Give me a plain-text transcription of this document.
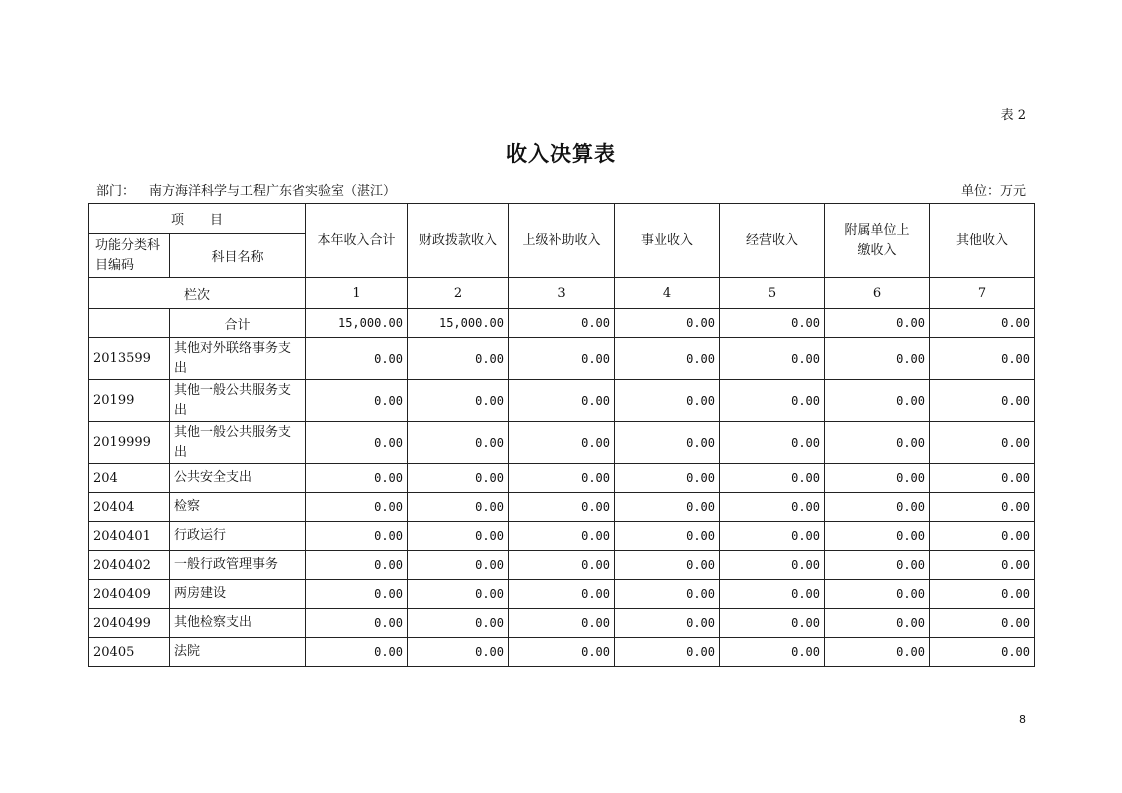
表 2
收入决算表
部门： 南方海洋科学与工程广东省实验室（湛江）	单位：万元
项　　目		本年收入合计	财政拨款收入	上级补助收入	事业收入	经营收入	附属单位上缴收入	其他收入
功能分类科目编码	科目名称							
栏次		1	2	3	4	5	6	7
	合计	15,000.00	15,000.00	0.00	0.00	0.00	0.00	0.00
2013599	其他对外联络事务支出	0.00	0.00	0.00	0.00	0.00	0.00	0.00
20199	其他一般公共服务支出	0.00	0.00	0.00	0.00	0.00	0.00	0.00
2019999	其他一般公共服务支出	0.00	0.00	0.00	0.00	0.00	0.00	0.00
204	公共安全支出	0.00	0.00	0.00	0.00	0.00	0.00	0.00
20404	检察	0.00	0.00	0.00	0.00	0.00	0.00	0.00
2040401	行政运行	0.00	0.00	0.00	0.00	0.00	0.00	0.00
2040402	一般行政管理事务	0.00	0.00	0.00	0.00	0.00	0.00	0.00
2040409	两房建设	0.00	0.00	0.00	0.00	0.00	0.00	0.00
2040499	其他检察支出	0.00	0.00	0.00	0.00	0.00	0.00	0.00
20405	法院	0.00	0.00	0.00	0.00	0.00	0.00	0.00
8
